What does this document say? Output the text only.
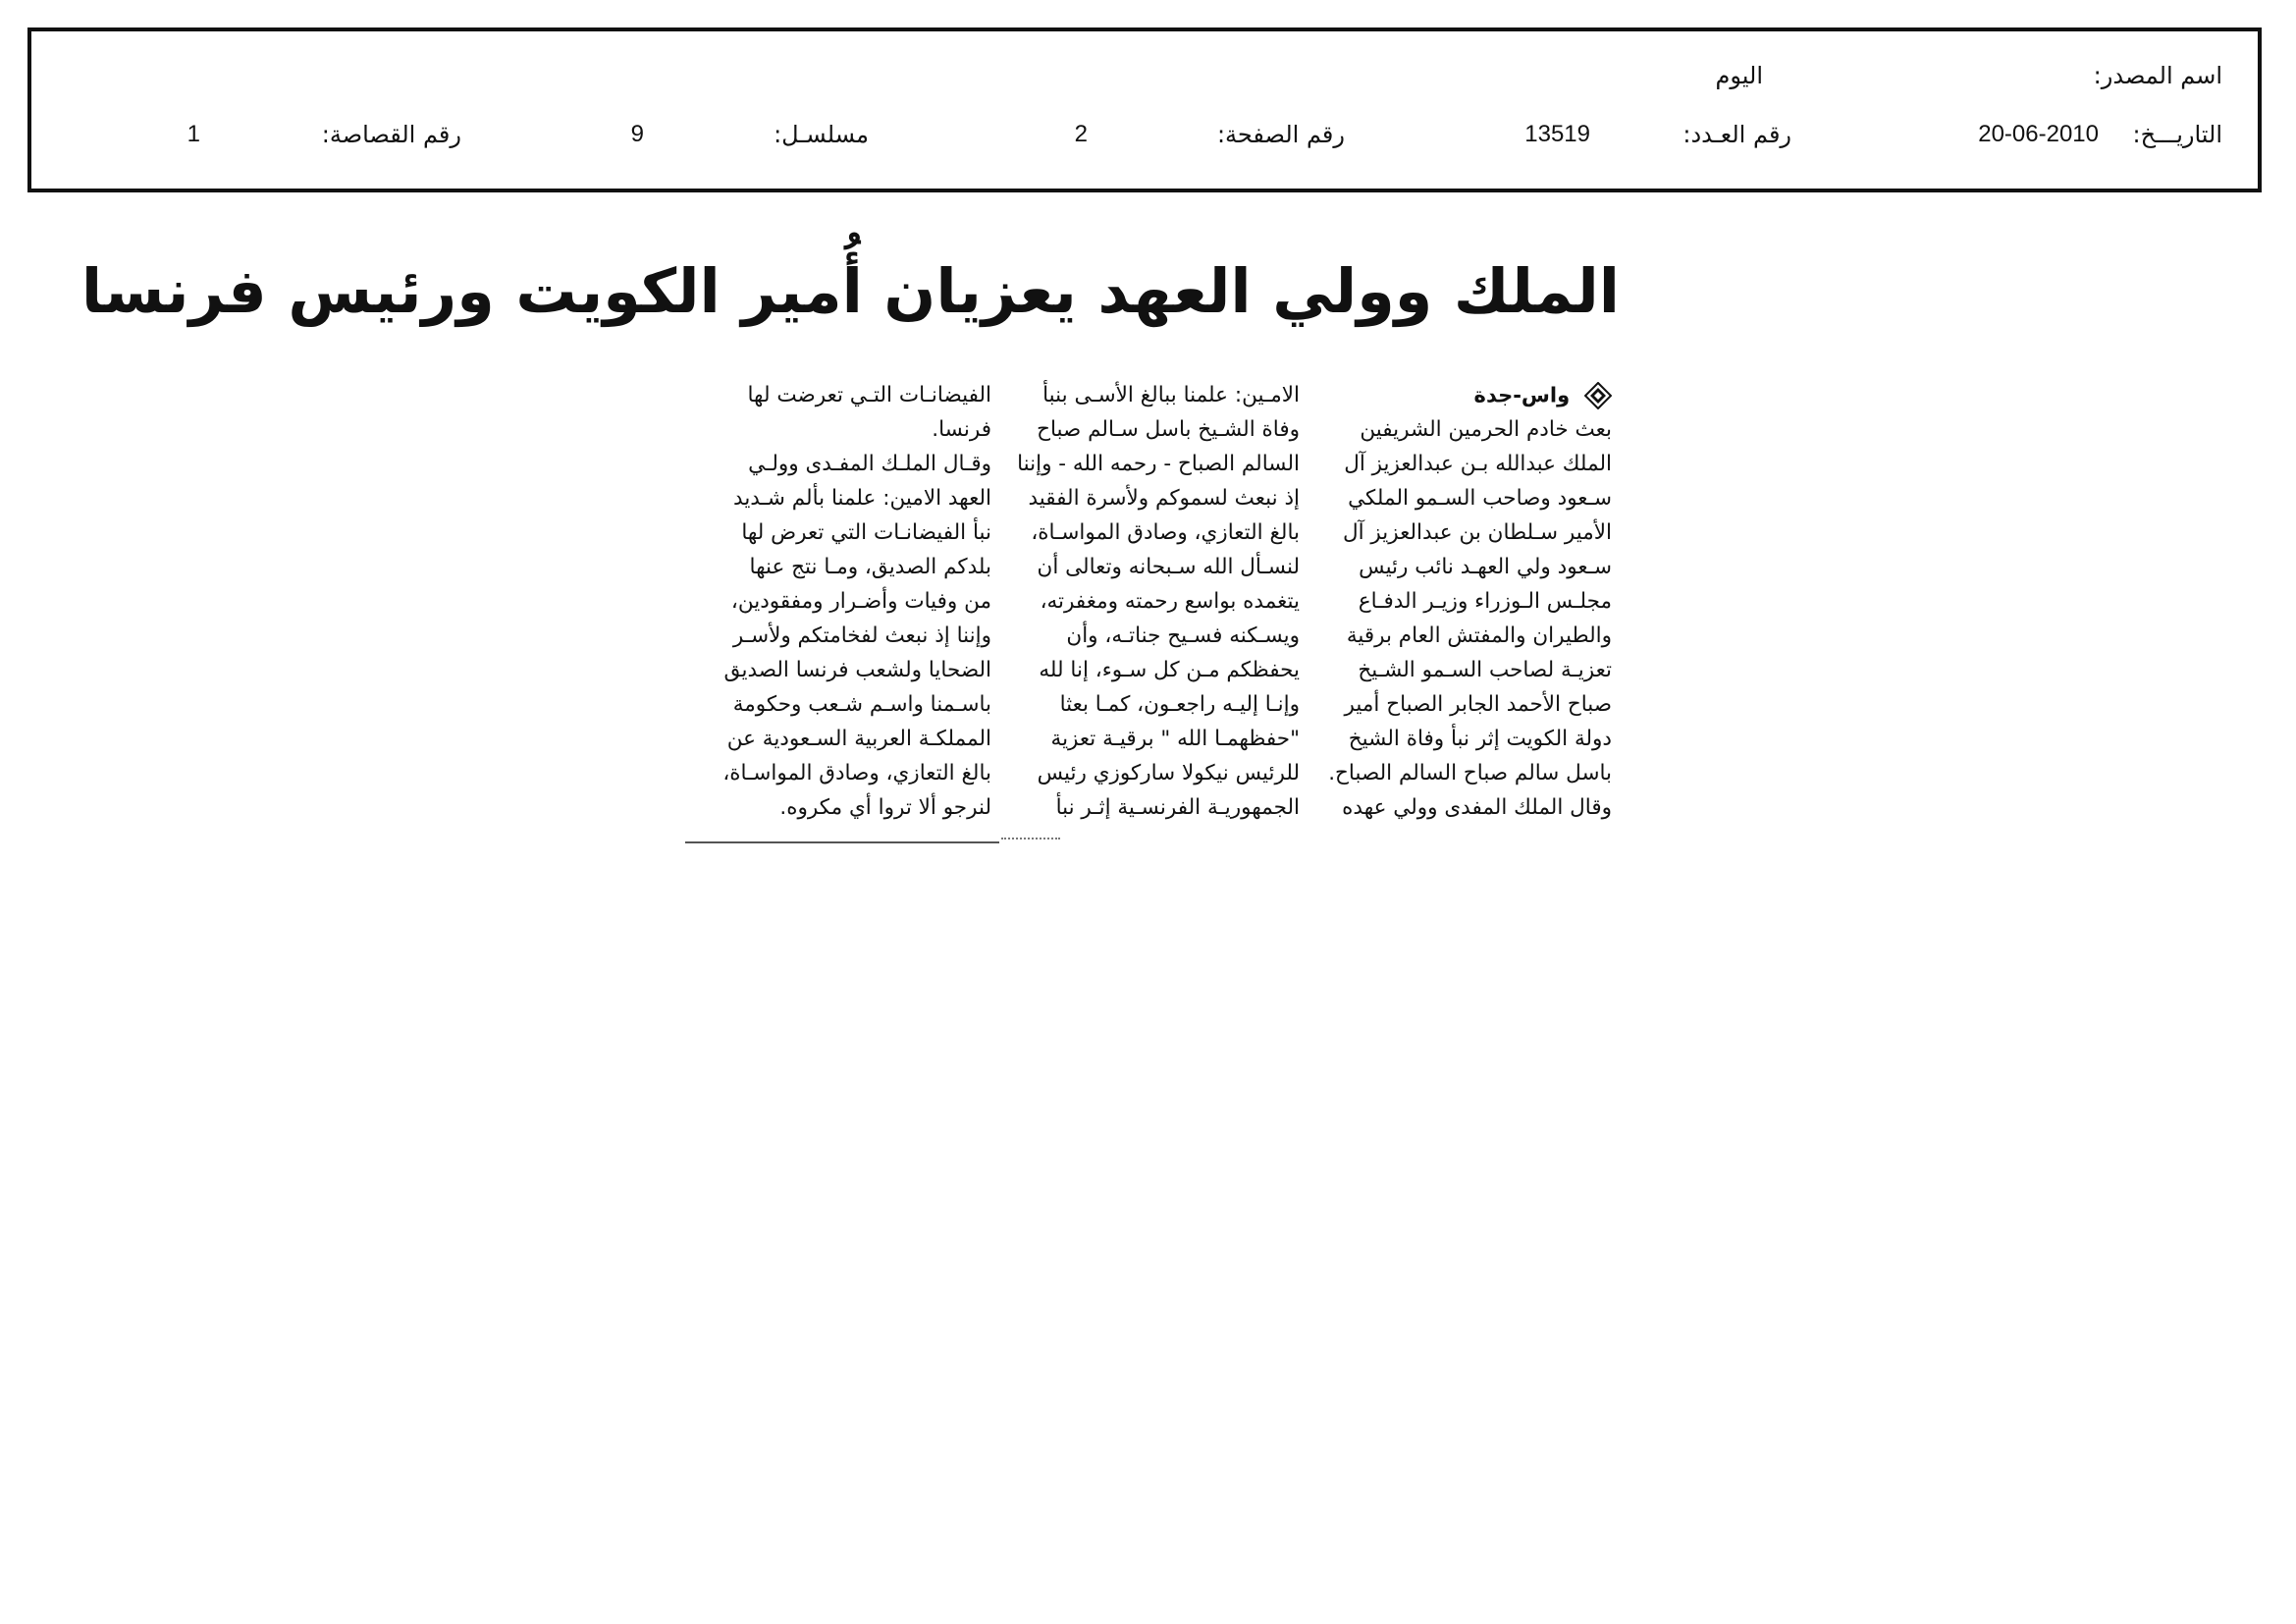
اسم المصدر:
اليوم
التاريـــخ:
20-06-2010
رقم العـدد:
13519
رقم الصفحة:
2
مسلسـل:
9
رقم القصاصة:
1
الملك وولي العهد يعزيان أُمير الكويت ورئيس فرنسا
واس-جدة
بعث خادم الحرمين الشريفين
الملك عبدالله بـن عبدالعزيز آل
سـعود وصاحب السـمو الملكي
الأمير سـلطان بن عبدالعزيز آل
سـعود ولي العهـد نائب رئيس
مجلـس الـوزراء وزيـر الدفـاع
والطيران والمفتش العام برقية
تعزيـة لصاحب السـمو الشـيخ
صباح الأحمد الجابر الصباح أمير
دولة الكويت إثر نبأ وفاة الشيخ
باسل سالم صباح السالم الصباح.
وقال الملك المفدى وولي عهده
الامـين: علمنا ببالغ الأسـى بنبأ
وفاة الشـيخ باسل سـالم صباح
السالم الصباح - رحمه الله - وإننا
إذ نبعث لسموكم ولأسرة الفقيد
بالغ التعازي، وصادق المواسـاة،
لنسـأل الله سـبحانه وتعالى أن
يتغمده بواسع رحمته ومغفرته،
ويسـكنه فسـيح جناتـه، وأن
يحفظكم مـن كل سـوء، إنا لله
وإنـا إليـه راجعـون، كمـا بعثا
"حفظهمـا الله " برقيـة تعزية
للرئيس نيكولا ساركوزي رئيس
الجمهوريـة الفرنسـية إثـر نبأ
الفيضانـات التـي تعرضت لها
فرنسا.
وقـال الملـك المفـدى وولـي
العهد الامين: علمنا بألم شـديد
نبأ الفيضانـات التي تعرض لها
بلدكم الصديق، ومـا نتج عنها
من وفيات وأضـرار ومفقودين،
وإننا إذ نبعث لفخامتكم ولأسـر
الضحايا ولشعب فرنسا الصديق
باسـمنا واسـم شـعب وحكومة
المملكـة العربية السـعودية عن
بالغ التعازي، وصادق المواسـاة،
لنرجو ألا تروا أي مكروه.
